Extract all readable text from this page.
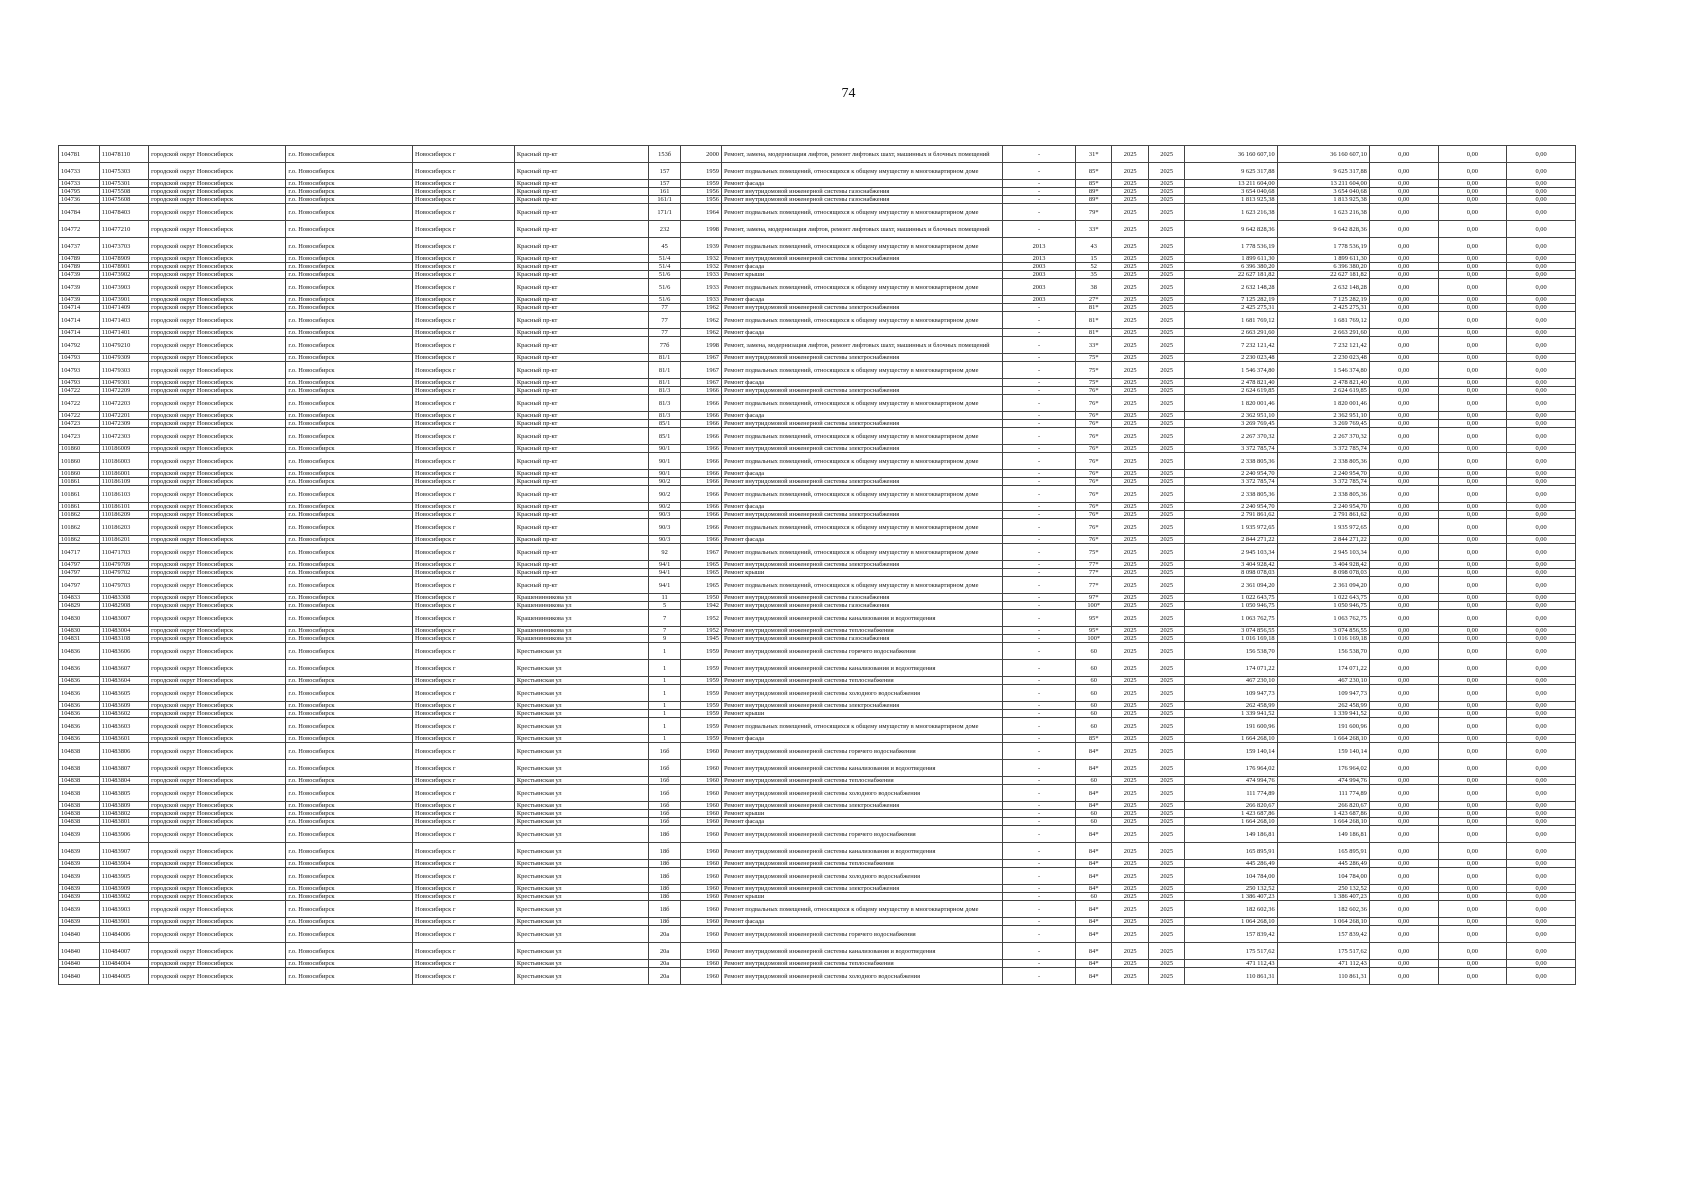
74
104781	110478110	городской округ Новосибирск	г.о. Новосибирск	Новосибирск г	Красный пр-кт	153б	2000	Ремонт, замена, модернизация лифтов, ремонт лифтовых шахт, машинных и блочных помещений	-	31*	2025	2025	36 160 607,10	36 160 607,10	0,00	0,00	0,00
104733	110475303	городской округ Новосибирск	г.о. Новосибирск	Новосибирск г	Красный пр-кт	157	1959	Ремонт подвальных помещений, относящихся к общему имуществу в многоквартирном доме	-	85*	2025	2025	9 625 317,88	9 625 317,88	0,00	0,00	0,00
104733	110475301	городской округ Новосибирск	г.о. Новосибирск	Новосибирск г	Красный пр-кт	157	1959	Ремонт фасада	-	85*	2025	2025	13 211 604,00	13 211 604,00	0,00	0,00	0,00
104795	110475508	городской округ Новосибирск	г.о. Новосибирск	Новосибирск г	Красный пр-кт	161	1956	Ремонт внутридомовой инженерной системы газоснабжения	-	89*	2025	2025	3 654 040,68	3 654 040,68	0,00	0,00	0,00
104736	110475608	городской округ Новосибирск	г.о. Новосибирск	Новосибирск г	Красный пр-кт	161/1	1956	Ремонт внутридомовой инженерной системы газоснабжения	-	89*	2025	2025	1 813 925,38	1 813 925,38	0,00	0,00	0,00
104784	110478403	городской округ Новосибирск	г.о. Новосибирск	Новосибирск г	Красный пр-кт	171/1	1964	Ремонт подвальных помещений, относящихся к общему имуществу в многоквартирном доме	-	79*	2025	2025	1 623 216,38	1 623 216,38	0,00	0,00	0,00
104772	110477210	городской округ Новосибирск	г.о. Новосибирск	Новосибирск г	Красный пр-кт	232	1998	Ремонт, замена, модернизация лифтов, ремонт лифтовых шахт, машинных и блочных помещений	-	33*	2025	2025	9 642 828,36	9 642 828,36	0,00	0,00	0,00
104737	110473703	городской округ Новосибирск	г.о. Новосибирск	Новосибирск г	Красный пр-кт	45	1939	Ремонт подвальных помещений, относящихся к общему имуществу в многоквартирном доме	2013	43	2025	2025	1 778 536,19	1 778 536,19	0,00	0,00	0,00
104789	110478909	городской округ Новосибирск	г.о. Новосибирск	Новосибирск г	Красный пр-кт	51/4	1932	Ремонт внутридомовой инженерной системы электроснабжения	2013	15	2025	2025	1 899 611,30	1 899 611,30	0,00	0,00	0,00
104789	110478901	городской округ Новосибирск	г.о. Новосибирск	Новосибирск г	Красный пр-кт	51/4	1932	Ремонт фасада	2003	52	2025	2025	6 396 380,20	6 396 380,20	0,00	0,00	0,00
104739	110473902	городской округ Новосибирск	г.о. Новосибирск	Новосибирск г	Красный пр-кт	51/6	1933	Ремонт крыши	2003	35	2025	2025	22 627 181,82	22 627 181,82	0,00	0,00	0,00
104739	110473903	городской округ Новосибирск	г.о. Новосибирск	Новосибирск г	Красный пр-кт	51/6	1933	Ремонт подвальных помещений, относящихся к общему имуществу в многоквартирном доме	2003	38	2025	2025	2 632 148,28	2 632 148,28	0,00	0,00	0,00
104739	110473901	городской округ Новосибирск	г.о. Новосибирск	Новосибирск г	Красный пр-кт	51/6	1933	Ремонт фасада	2003	27*	2025	2025	7 125 282,19	7 125 282,19	0,00	0,00	0,00
104714	110471409	городской округ Новосибирск	г.о. Новосибирск	Новосибирск г	Красный пр-кт	77	1962	Ремонт внутридомовой инженерной системы электроснабжения	-	81*	2025	2025	2 425 275,31	2 425 275,31	0,00	0,00	0,00
104714	110471403	городской округ Новосибирск	г.о. Новосибирск	Новосибирск г	Красный пр-кт	77	1962	Ремонт подвальных помещений, относящихся к общему имуществу в многоквартирном доме	-	81*	2025	2025	1 681 769,12	1 681 769,12	0,00	0,00	0,00
104714	110471401	городской округ Новосибирск	г.о. Новосибирск	Новосибирск г	Красный пр-кт	77	1962	Ремонт фасада	-	81*	2025	2025	2 663 291,60	2 663 291,60	0,00	0,00	0,00
104792	110479210	городской округ Новосибирск	г.о. Новосибирск	Новосибирск г	Красный пр-кт	77б	1998	Ремонт, замена, модернизация лифтов, ремонт лифтовых шахт, машинных и блочных помещений	-	33*	2025	2025	7 232 121,42	7 232 121,42	0,00	0,00	0,00
104793	110479309	городской округ Новосибирск	г.о. Новосибирск	Новосибирск г	Красный пр-кт	81/1	1967	Ремонт внутридомовой инженерной системы электроснабжения	-	75*	2025	2025	2 230 023,48	2 230 023,48	0,00	0,00	0,00
104793	110479303	городской округ Новосибирск	г.о. Новосибирск	Новосибирск г	Красный пр-кт	81/1	1967	Ремонт подвальных помещений, относящихся к общему имуществу в многоквартирном доме	-	75*	2025	2025	1 546 374,80	1 546 374,80	0,00	0,00	0,00
104793	110479301	городской округ Новосибирск	г.о. Новосибирск	Новосибирск г	Красный пр-кт	81/1	1967	Ремонт фасада	-	75*	2025	2025	2 478 821,40	2 478 821,40	0,00	0,00	0,00
104722	110472209	городской округ Новосибирск	г.о. Новосибирск	Новосибирск г	Красный пр-кт	81/3	1966	Ремонт внутридомовой инженерной системы электроснабжения	-	76*	2025	2025	2 624 619,85	2 624 619,85	0,00	0,00	0,00
104722	110472203	городской округ Новосибирск	г.о. Новосибирск	Новосибирск г	Красный пр-кт	81/3	1966	Ремонт подвальных помещений, относящихся к общему имуществу в многоквартирном доме	-	76*	2025	2025	1 820 001,46	1 820 001,46	0,00	0,00	0,00
104722	110472201	городской округ Новосибирск	г.о. Новосибирск	Новосибирск г	Красный пр-кт	81/3	1966	Ремонт фасада	-	76*	2025	2025	2 362 951,10	2 362 951,10	0,00	0,00	0,00
104723	110472309	городской округ Новосибирск	г.о. Новосибирск	Новосибирск г	Красный пр-кт	85/1	1966	Ремонт внутридомовой инженерной системы электроснабжения	-	76*	2025	2025	3 269 769,45	3 269 769,45	0,00	0,00	0,00
104723	110472303	городской округ Новосибирск	г.о. Новосибирск	Новосибирск г	Красный пр-кт	85/1	1966	Ремонт подвальных помещений, относящихся к общему имуществу в многоквартирном доме	-	76*	2025	2025	2 267 370,32	2 267 370,32	0,00	0,00	0,00
101860	110186009	городской округ Новосибирск	г.о. Новосибирск	Новосибирск г	Красный пр-кт	90/1	1966	Ремонт внутридомовой инженерной системы электроснабжения	-	76*	2025	2025	3 372 785,74	3 372 785,74	0,00	0,00	0,00
101860	110186003	городской округ Новосибирск	г.о. Новосибирск	Новосибирск г	Красный пр-кт	90/1	1966	Ремонт подвальных помещений, относящихся к общему имуществу в многоквартирном доме	-	76*	2025	2025	2 338 805,36	2 338 805,36	0,00	0,00	0,00
101860	110186001	городской округ Новосибирск	г.о. Новосибирск	Новосибирск г	Красный пр-кт	90/1	1966	Ремонт фасада	-	76*	2025	2025	2 240 954,70	2 240 954,70	0,00	0,00	0,00
101861	110186109	городской округ Новосибирск	г.о. Новосибирск	Новосибирск г	Красный пр-кт	90/2	1966	Ремонт внутридомовой инженерной системы электроснабжения	-	76*	2025	2025	3 372 785,74	3 372 785,74	0,00	0,00	0,00
101861	110186103	городской округ Новосибирск	г.о. Новосибирск	Новосибирск г	Красный пр-кт	90/2	1966	Ремонт подвальных помещений, относящихся к общему имуществу в многоквартирном доме	-	76*	2025	2025	2 338 805,36	2 338 805,36	0,00	0,00	0,00
101861	110186101	городской округ Новосибирск	г.о. Новосибирск	Новосибирск г	Красный пр-кт	90/2	1966	Ремонт фасада	-	76*	2025	2025	2 240 954,70	2 240 954,70	0,00	0,00	0,00
101862	110186209	городской округ Новосибирск	г.о. Новосибирск	Новосибирск г	Красный пр-кт	90/3	1966	Ремонт внутридомовой инженерной системы электроснабжения	-	76*	2025	2025	2 791 861,62	2 791 861,62	0,00	0,00	0,00
101862	110186203	городской округ Новосибирск	г.о. Новосибирск	Новосибирск г	Красный пр-кт	90/3	1966	Ремонт подвальных помещений, относящихся к общему имуществу в многоквартирном доме	-	76*	2025	2025	1 935 972,65	1 935 972,65	0,00	0,00	0,00
101862	110186201	городской округ Новосибирск	г.о. Новосибирск	Новосибирск г	Красный пр-кт	90/3	1966	Ремонт фасада	-	76*	2025	2025	2 844 271,22	2 844 271,22	0,00	0,00	0,00
104717	110471703	городской округ Новосибирск	г.о. Новосибирск	Новосибирск г	Красный пр-кт	92	1967	Ремонт подвальных помещений, относящихся к общему имуществу в многоквартирном доме	-	75*	2025	2025	2 945 103,34	2 945 103,34	0,00	0,00	0,00
104797	110479709	городской округ Новосибирск	г.о. Новосибирск	Новосибирск г	Красный пр-кт	94/1	1965	Ремонт внутридомовой инженерной системы электроснабжения	-	77*	2025	2025	3 404 928,42	3 404 928,42	0,00	0,00	0,00
104797	110479702	городской округ Новосибирск	г.о. Новосибирск	Новосибирск г	Красный пр-кт	94/1	1965	Ремонт крыши	-	77*	2025	2025	8 098 078,03	8 098 078,03	0,00	0,00	0,00
104797	110479703	городской округ Новосибирск	г.о. Новосибирск	Новосибирск г	Красный пр-кт	94/1	1965	Ремонт подвальных помещений, относящихся к общему имуществу в многоквартирном доме	-	77*	2025	2025	2 361 094,20	2 361 094,20	0,00	0,00	0,00
104833	110483308	городской округ Новосибирск	г.о. Новосибирск	Новосибирск г	Крашенинникова ул	11	1950	Ремонт внутридомовой инженерной системы газоснабжения	-	97*	2025	2025	1 022 643,75	1 022 643,75	0,00	0,00	0,00
104829	110482908	городской округ Новосибирск	г.о. Новосибирск	Новосибирск г	Крашенинникова ул	5	1942	Ремонт внутридомовой инженерной системы газоснабжения	-	100*	2025	2025	1 050 946,75	1 050 946,75	0,00	0,00	0,00
104830	110483007	городской округ Новосибирск	г.о. Новосибирск	Новосибирск г	Крашенинникова ул	7	1952	Ремонт внутридомовой инженерной системы канализования и водоотведения	-	95*	2025	2025	1 063 762,75	1 063 762,75	0,00	0,00	0,00
104830	110483004	городской округ Новосибирск	г.о. Новосибирск	Новосибирск г	Крашенинникова ул	7	1952	Ремонт внутридомовой инженерной системы теплоснабжения	-	95*	2025	2025	3 074 856,55	3 074 856,55	0,00	0,00	0,00
104831	110483108	городской округ Новосибирск	г.о. Новосибирск	Новосибирск г	Крашенинникова ул	9	1945	Ремонт внутридомовой инженерной системы газоснабжения	-	100*	2025	2025	1 016 169,18	1 016 169,18	0,00	0,00	0,00
104836	110483606	городской округ Новосибирск	г.о. Новосибирск	Новосибирск г	Крестьянская ул	1	1959	Ремонт внутридомовой инженерной системы горячего водоснабжения	-	60	2025	2025	156 538,70	156 538,70	0,00	0,00	0,00
104836	110483607	городской округ Новосибирск	г.о. Новосибирск	Новосибирск г	Крестьянская ул	1	1959	Ремонт внутридомовой инженерной системы канализования и водоотведения	-	60	2025	2025	174 071,22	174 071,22	0,00	0,00	0,00
104836	110483604	городской округ Новосибирск	г.о. Новосибирск	Новосибирск г	Крестьянская ул	1	1959	Ремонт внутридомовой инженерной системы теплоснабжения	-	60	2025	2025	467 230,10	467 230,10	0,00	0,00	0,00
104836	110483605	городской округ Новосибирск	г.о. Новосибирск	Новосибирск г	Крестьянская ул	1	1959	Ремонт внутридомовой инженерной системы холодного водоснабжения	-	60	2025	2025	109 947,73	109 947,73	0,00	0,00	0,00
104836	110483609	городской округ Новосибирск	г.о. Новосибирск	Новосибирск г	Крестьянская ул	1	1959	Ремонт внутридомовой инженерной системы электроснабжения	-	60	2025	2025	262 458,99	262 458,99	0,00	0,00	0,00
104836	110483602	городской округ Новосибирск	г.о. Новосибирск	Новосибирск г	Крестьянская ул	1	1959	Ремонт крыши	-	60	2025	2025	1 339 941,52	1 339 941,52	0,00	0,00	0,00
104836	110483603	городской округ Новосибирск	г.о. Новосибирск	Новосибирск г	Крестьянская ул	1	1959	Ремонт подвальных помещений, относящихся к общему имуществу в многоквартирном доме	-	60	2025	2025	191 600,96	191 600,96	0,00	0,00	0,00
104836	110483601	городской округ Новосибирск	г.о. Новосибирск	Новосибирск г	Крестьянская ул	1	1959	Ремонт фасада	-	85*	2025	2025	1 664 268,10	1 664 268,10	0,00	0,00	0,00
104838	110483806	городской округ Новосибирск	г.о. Новосибирск	Новосибирск г	Крестьянская ул	16б	1960	Ремонт внутридомовой инженерной системы горячего водоснабжения	-	84*	2025	2025	159 140,14	159 140,14	0,00	0,00	0,00
104838	110483807	городской округ Новосибирск	г.о. Новосибирск	Новосибирск г	Крестьянская ул	16б	1960	Ремонт внутридомовой инженерной системы канализования и водоотведения	-	84*	2025	2025	176 964,02	176 964,02	0,00	0,00	0,00
104838	110483804	городской округ Новосибирск	г.о. Новосибирск	Новосибирск г	Крестьянская ул	16б	1960	Ремонт внутридомовой инженерной системы теплоснабжения	-	60	2025	2025	474 994,76	474 994,76	0,00	0,00	0,00
104838	110483805	городской округ Новосибирск	г.о. Новосибирск	Новосибирск г	Крестьянская ул	16б	1960	Ремонт внутридомовой инженерной системы холодного водоснабжения	-	84*	2025	2025	111 774,89	111 774,89	0,00	0,00	0,00
104838	110483809	городской округ Новосибирск	г.о. Новосибирск	Новосибирск г	Крестьянская ул	16б	1960	Ремонт внутридомовой инженерной системы электроснабжения	-	84*	2025	2025	266 820,67	266 820,67	0,00	0,00	0,00
104838	110483802	городской округ Новосибирск	г.о. Новосибирск	Новосибирск г	Крестьянская ул	16б	1960	Ремонт крыши	-	60	2025	2025	1 423 687,86	1 423 687,86	0,00	0,00	0,00
104838	110483801	городской округ Новосибирск	г.о. Новосибирск	Новосибирск г	Крестьянская ул	16б	1960	Ремонт фасада	-	60	2025	2025	1 664 268,10	1 664 268,10	0,00	0,00	0,00
104839	110483906	городской округ Новосибирск	г.о. Новосибирск	Новосибирск г	Крестьянская ул	18б	1960	Ремонт внутридомовой инженерной системы горячего водоснабжения	-	84*	2025	2025	149 186,81	149 186,81	0,00	0,00	0,00
104839	110483907	городской округ Новосибирск	г.о. Новосибирск	Новосибирск г	Крестьянская ул	18б	1960	Ремонт внутридомовой инженерной системы канализования и водоотведения	-	84*	2025	2025	165 895,91	165 895,91	0,00	0,00	0,00
104839	110483904	городской округ Новосибирск	г.о. Новосибирск	Новосибирск г	Крестьянская ул	18б	1960	Ремонт внутридомовой инженерной системы теплоснабжения	-	84*	2025	2025	445 286,49	445 286,49	0,00	0,00	0,00
104839	110483905	городской округ Новосибирск	г.о. Новосибирск	Новосибирск г	Крестьянская ул	18б	1960	Ремонт внутридомовой инженерной системы холодного водоснабжения	-	84*	2025	2025	104 784,00	104 784,00	0,00	0,00	0,00
104839	110483909	городской округ Новосибирск	г.о. Новосибирск	Новосибирск г	Крестьянская ул	18б	1960	Ремонт внутридомовой инженерной системы электроснабжения	-	84*	2025	2025	250 132,52	250 132,52	0,00	0,00	0,00
104839	110483902	городской округ Новосибирск	г.о. Новосибирск	Новосибирск г	Крестьянская ул	18б	1960	Ремонт крыши	-	60	2025	2025	1 386 407,23	1 386 407,23	0,00	0,00	0,00
104839	110483903	городской округ Новосибирск	г.о. Новосибирск	Новосибирск г	Крестьянская ул	18б	1960	Ремонт подвальных помещений, относящихся к общему имуществу в многоквартирном доме	-	84*	2025	2025	182 602,36	182 602,36	0,00	0,00	0,00
104839	110483901	городской округ Новосибирск	г.о. Новосибирск	Новосибирск г	Крестьянская ул	18б	1960	Ремонт фасада	-	84*	2025	2025	1 064 268,10	1 064 268,10	0,00	0,00	0,00
104840	110484006	городской округ Новосибирск	г.о. Новосибирск	Новосибирск г	Крестьянская ул	20а	1960	Ремонт внутридомовой инженерной системы горячего водоснабжения	-	84*	2025	2025	157 839,42	157 839,42	0,00	0,00	0,00
104840	110484007	городской округ Новосибирск	г.о. Новосибирск	Новосибирск г	Крестьянская ул	20а	1960	Ремонт внутридомовой инженерной системы канализования и водоотведения	-	84*	2025	2025	175 517,62	175 517,62	0,00	0,00	0,00
104840	110484004	городской округ Новосибирск	г.о. Новосибирск	Новосибирск г	Крестьянская ул	20а	1960	Ремонт внутридомовой инженерной системы теплоснабжения	-	84*	2025	2025	471 112,43	471 112,43	0,00	0,00	0,00
104840	110484005	городской округ Новосибирск	г.о. Новосибирск	Новосибирск г	Крестьянская ул	20а	1960	Ремонт внутридомовой инженерной системы холодного водоснабжения	-	84*	2025	2025	110 861,31	110 861,31	0,00	0,00	0,00
